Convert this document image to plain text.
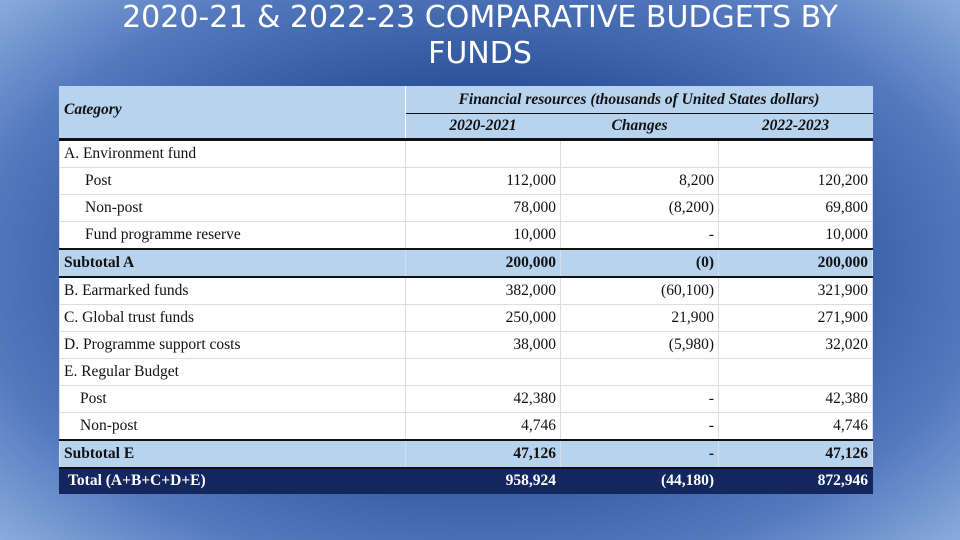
2020-21 & 2022-23 COMPARATIVE BUDGETS BY
FUNDS
Category	Financial resources (thousands of United States dollars)		
	2020-2021	Changes	2022-2023
A. Environment fund			
Post	112,000	8,200	120,200
Non-post	78,000	(8,200)	69,800
Fund programme reserve	10,000	-	10,000
Subtotal A	200,000	(0)	200,000
B. Earmarked funds	382,000	(60,100)	321,900
C. Global trust funds	250,000	21,900	271,900
D. Programme support costs	38,000	(5,980)	32,020
E. Regular Budget			
Post	42,380	-	42,380
Non-post	4,746	-	4,746
Subtotal E	47,126	-	47,126
Total (A+B+C+D+E)	958,924	(44,180)	872,946
